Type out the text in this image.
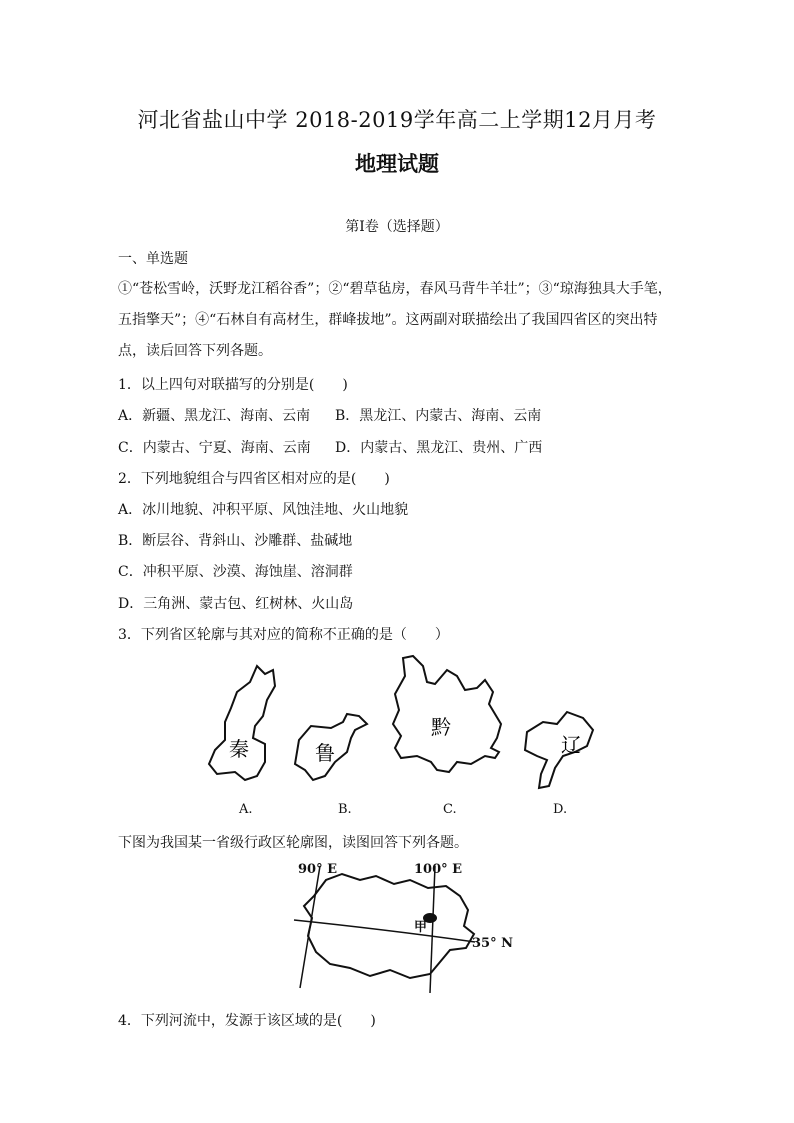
河北省盐山中学 2018-2019学年高二上学期12月月考
地理试题
第Ⅰ卷（选择题）
一、单选题
①“苍松雪岭，沃野龙江稻谷香”；②“碧草毡房，春风马背牛羊壮”；③“琼海独具大手笔，五指擎天”；④“石林自有高材生，群峰拔地”。这两副对联描绘出了我国四省区的突出特点，读后回答下列各题。
1．以上四句对联描写的分别是(　　)
A．新疆、黑龙江、海南、云南 B．黑龙江、内蒙古、海南、云南
C．内蒙古、宁夏、海南、云南 D．内蒙古、黑龙江、贵州、广西
2．下列地貌组合与四省区相对应的是(　　)
A．冰川地貌、冲积平原、风蚀洼地、火山地貌
B．断层谷、背斜山、沙雕群、盐碱地
C．冲积平原、沙漠、海蚀崖、溶洞群
D．三角洲、蒙古包、红树林、火山岛
3．下列省区轮廓与其对应的简称不正确的是（　　）
秦	鲁
黔
辽
A.	B.	C.	D.
下图为我国某一省级行政区轮廓图，读图回答下列各题。
90° E	100° E
35° N
甲
4．下列河流中，发源于该区域的是(　　)
